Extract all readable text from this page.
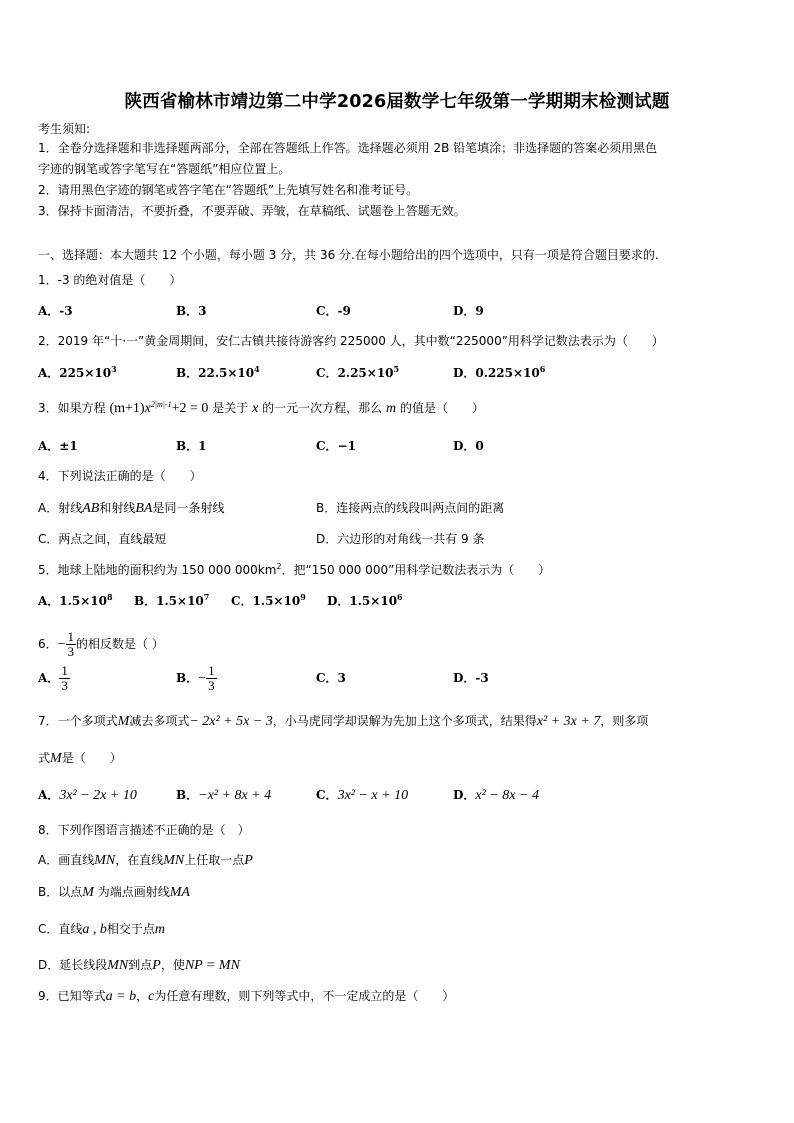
陕西省榆林市靖边第二中学2026届数学七年级第一学期期末检测试题
考生须知:
1．全卷分选择题和非选择题两部分，全部在答题纸上作答。选择题必须用 2B 铅笔填涂；非选择题的答案必须用黑色
字迹的钢笔或答字笔写在“答题纸”相应位置上。
2．请用黑色字迹的钢笔或答字笔在“答题纸”上先填写姓名和准考证号。
3．保持卡面清洁，不要折叠，不要弄破、弄皱，在草稿纸、试题卷上答题无效。
一、选择题：本大题共 12 个小题，每小题 3 分，共 36 分.在每小题给出的四个选项中，只有一项是符合题目要求的.
1．-3 的绝对值是（　　）
A．-3	B．3	C．-9	D．9
2．2019 年“十·一”黄金周期间，安仁古镇共接待游客约 225000 人，其中数“225000”用科学记数法表示为（　　）
A．$225\times 10^3$	B．$22.5\times 10^4$	C．$2.25\times 10^5$	D．$0.225\times 10^6$
3．如果方程 $(m+1)x^{2|m|-1}+2 = 0$ 是关于 x 的一元一次方程，那么 m 的值是（　　）
A．±1	B．1	C．−1	D．0
4．下列说法正确的是（　　）
A．射线AB和射线BA是同一条射线	B．连接两点的线段叫两点间的距离
C．两点之间，直线最短	D．六边形的对角线一共有 9 条
5．地球上陆地的面积约为 150 000 $000km^2$．把“150 000 000”用科学记数法表示为（　　）
A．$1.5\times 10^8$ B．$1.5\times 10^7$ C．$1.5\times 10^9$ D．$1.5\times 10^6$
6．− $\frac{1}{3}$ 的相反数是（ ）
A． $\frac{1}{3}$	B．− $\frac{1}{3}$	C．3	D．-3
7．一个多项式M减去多项式− 2x² + 5x − 3，小马虎同学却误解为先加上这个多项式，结果得x² + 3x + 7，则多项
式M是（　　）
A．3x² − 2x + 10	B．−x² + 8x + 4	C．3x² − x + 10	D．x² − 8x − 4
8．下列作图语言描述不正确的是（　）
A．画直线MN，在直线MN上任取一点P
B．以点M 为端点画射线MA
C．直线a , b相交于点m
D．延长线段MN到点P，使NP = MN
9．已知等式a = b，c为任意有理数，则下列等式中，不一定成立的是（　　）
